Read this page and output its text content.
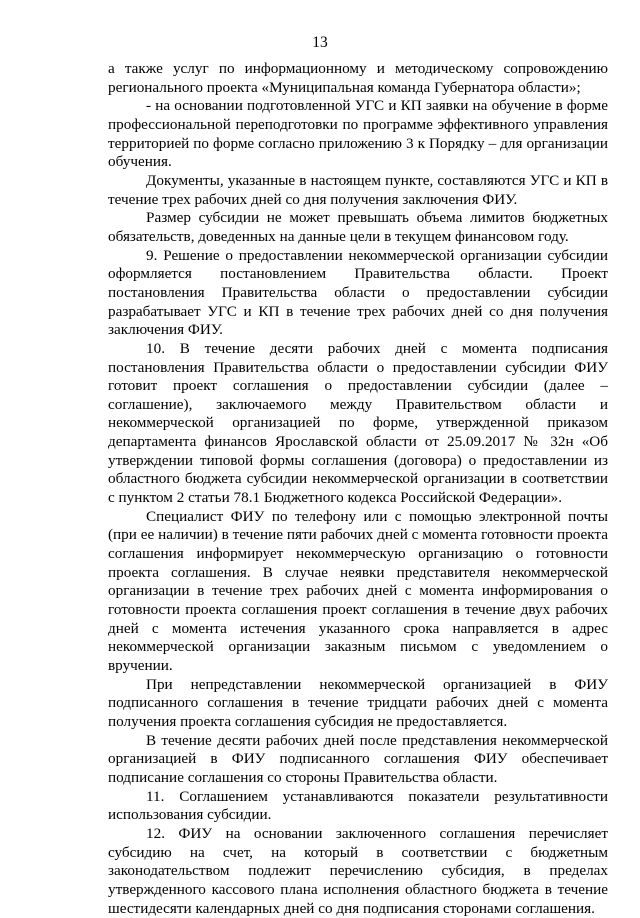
13

а также услуг по информационному и методическому сопровождению регионального проекта «Муниципальная команда Губернатора области»;

- на основании подготовленной УГС и КП заявки на обучение в форме профессиональной переподготовки по программе эффективного управления территорией по форме согласно приложению 3 к Порядку – для организации обучения.

Документы, указанные в настоящем пункте, составляются УГС и КП в течение трех рабочих дней со дня получения заключения ФИУ.

Размер субсидии не может превышать объема лимитов бюджетных обязательств, доведенных на данные цели в текущем финансовом году.

9. Решение о предоставлении некоммерческой организации субсидии оформляется постановлением Правительства области. Проект постановления Правительства области о предоставлении субсидии разрабатывает УГС и КП в течение трех рабочих дней со дня получения заключения ФИУ.

10. В течение десяти рабочих дней с момента подписания постановления Правительства области о предоставлении субсидии ФИУ готовит проект соглашения о предоставлении субсидии (далее – соглашение), заключаемого между Правительством области и некоммерческой организацией по форме, утвержденной приказом департамента финансов Ярославской области от 25.09.2017 № 32н «Об утверждении типовой формы соглашения (договора) о предоставлении из областного бюджета субсидии некоммерческой организации в соответствии с пунктом 2 статьи 78.1 Бюджетного кодекса Российской Федерации».

Специалист ФИУ по телефону или с помощью электронной почты (при ее наличии) в течение пяти рабочих дней с момента готовности проекта соглашения информирует некоммерческую организацию о готовности проекта соглашения. В случае неявки представителя некоммерческой организации в течение трех рабочих дней с момента информирования о готовности проекта соглашения проект соглашения в течение двух рабочих дней с момента истечения указанного срока направляется в адрес некоммерческой организации заказным письмом с уведомлением о вручении.

При непредставлении некоммерческой организацией в ФИУ подписанного соглашения в течение тридцати рабочих дней с момента получения проекта соглашения субсидия не предоставляется.

В течение десяти рабочих дней после представления некоммерческой организацией в ФИУ подписанного соглашения ФИУ обеспечивает подписание соглашения со стороны Правительства области.

11. Соглашением устанавливаются показатели результативности использования субсидии.

12. ФИУ на основании заключенного соглашения перечисляет субсидию на счет, на который в соответствии с бюджетным законодательством подлежит перечислению субсидия, в пределах утвержденного кассового плана исполнения областного бюджета в течение шестидесяти календарных дней со дня подписания сторонами соглашения.
